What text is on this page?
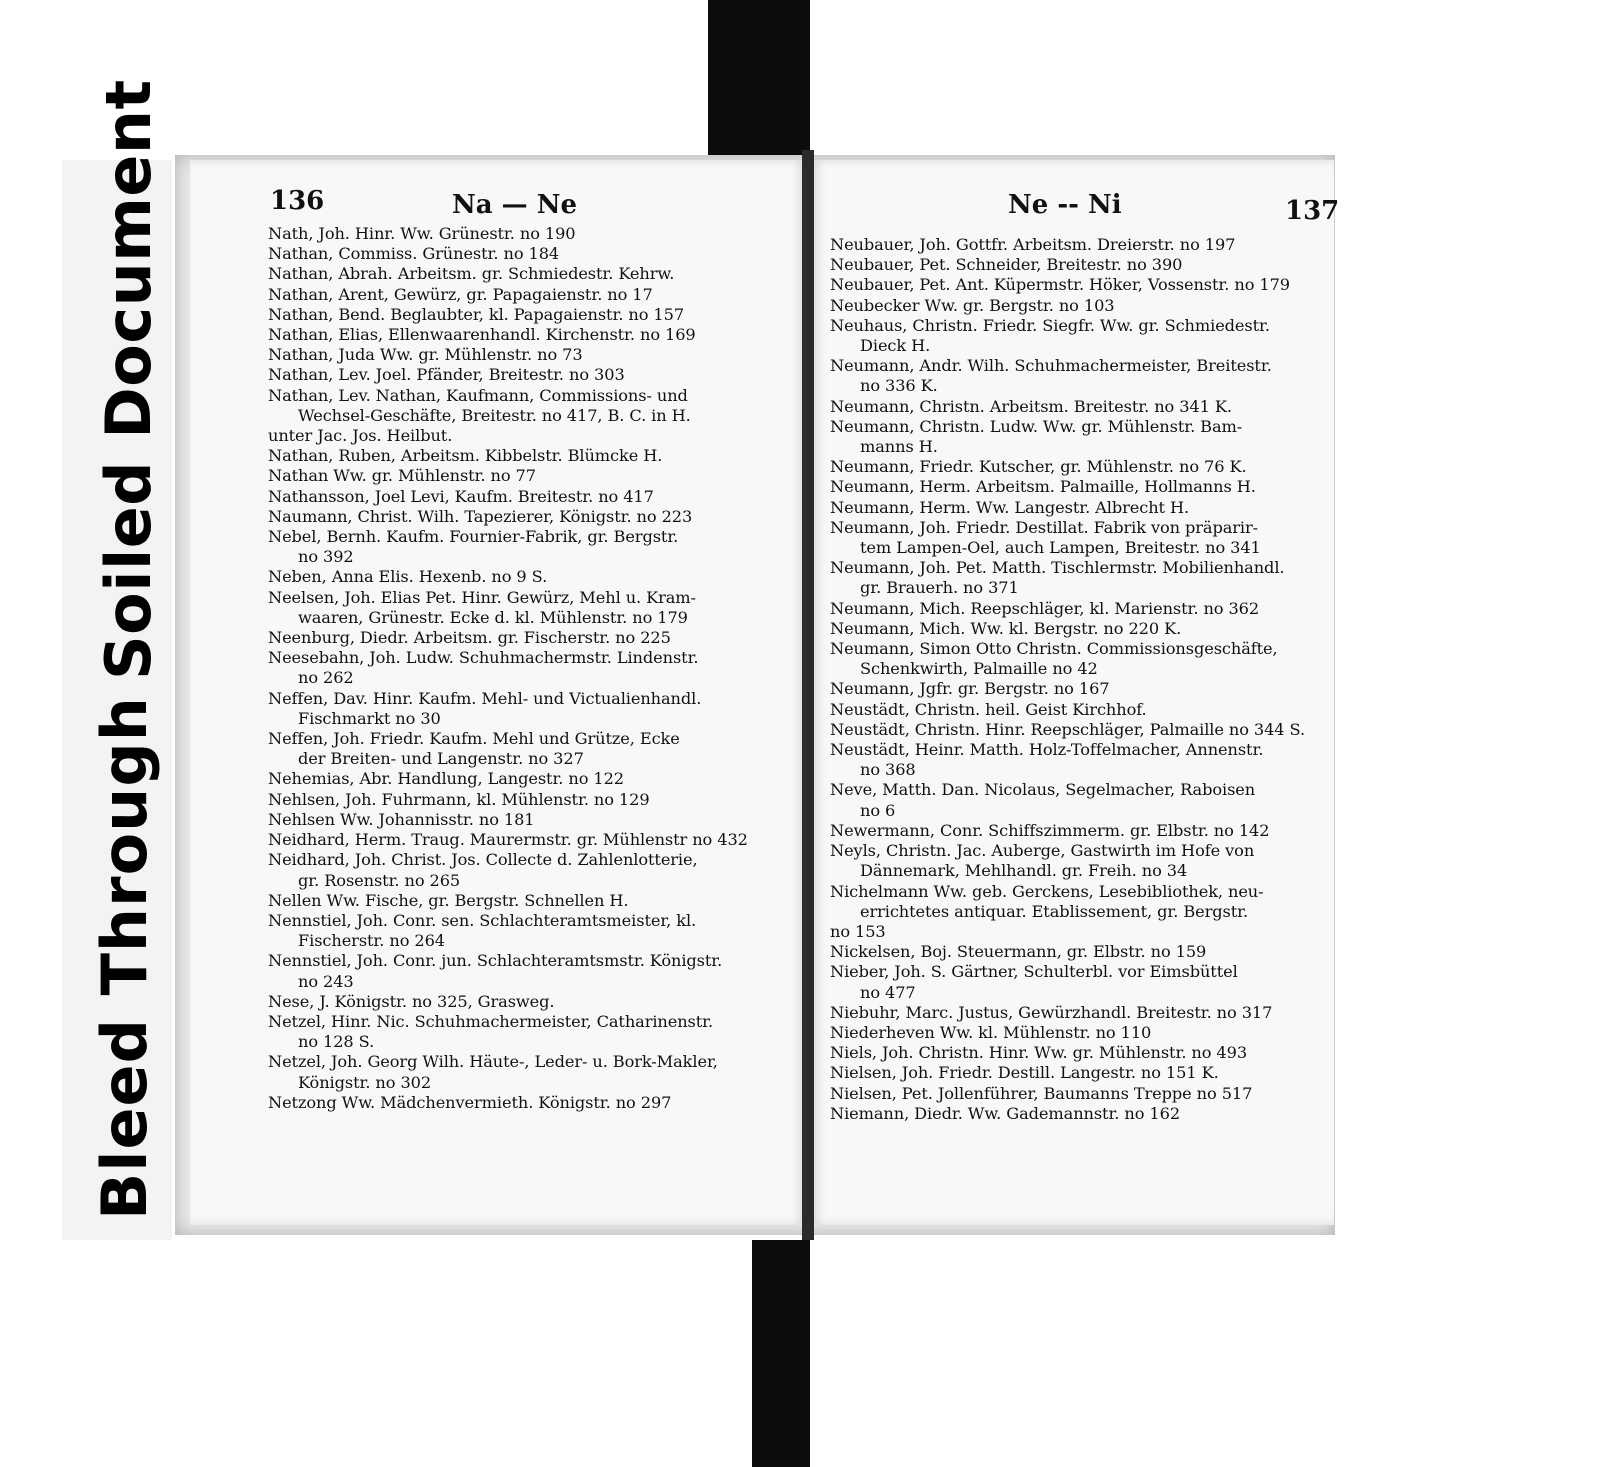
Bleed Through
Soiled Document	136	Na — Ne	Ne -- Ni	137
Nath, Joh. Hinr. Ww. Grünestr. no 190
Nathan, Commiss. Grünestr. no 184
Nathan, Abrah. Arbeitsm. gr. Schmiedestr. Kehrw.
Nathan, Arent, Gewürz, gr. Papagaienstr. no 17
Nathan, Bend. Beglaubter, kl. Papagaienstr. no 157
Nathan, Elias, Ellenwaarenhandl. Kirchenstr. no 169
Nathan, Juda Ww. gr. Mühlenstr. no 73
Nathan, Lev. Joel. Pfänder, Breitestr. no 303
Nathan, Lev. Nathan, Kaufmann, Commissions- und
Wechsel-Geschäfte, Breitestr. no 417, B. C. in H.
unter Jac. Jos. Heilbut.
Nathan, Ruben, Arbeitsm. Kibbelstr. Blümcke H.
Nathan Ww. gr. Mühlenstr. no 77
Nathansson, Joel Levi, Kaufm. Breitestr. no 417
Naumann, Christ. Wilh. Tapezierer, Königstr. no 223
Nebel, Bernh. Kaufm. Fournier-Fabrik, gr. Bergstr.
no 392
Neben, Anna Elis. Hexenb. no 9 S.
Neelsen, Joh. Elias Pet. Hinr. Gewürz, Mehl u. Kram-
waaren, Grünestr. Ecke d. kl. Mühlenstr. no 179
Neenburg, Diedr. Arbeitsm. gr. Fischerstr. no 225
Neesebahn, Joh. Ludw. Schuhmachermstr. Lindenstr.
no 262
Neffen, Dav. Hinr. Kaufm. Mehl- und Victualienhandl.
Fischmarkt no 30
Neffen, Joh. Friedr. Kaufm. Mehl und Grütze, Ecke
der Breiten- und Langenstr. no 327
Nehemias, Abr. Handlung, Langestr. no 122
Nehlsen, Joh. Fuhrmann, kl. Mühlenstr. no 129
Nehlsen Ww. Johannisstr. no 181
Neidhard, Herm. Traug. Maurermstr. gr. Mühlenstr no 432
Neidhard, Joh. Christ. Jos. Collecte d. Zahlenlotterie,
gr. Rosenstr. no 265
Nellen Ww. Fische, gr. Bergstr. Schnellen H.
Nennstiel, Joh. Conr. sen. Schlachteramtsmeister, kl.
Fischerstr. no 264
Nennstiel, Joh. Conr. jun. Schlachteramtsmstr. Königstr.
no 243
Nese, J. Königstr. no 325, Grasweg.
Netzel, Hinr. Nic. Schuhmachermeister, Catharinenstr.
no 128 S.
Netzel, Joh. Georg Wilh. Häute-, Leder- u. Bork-Makler,
Königstr. no 302
Netzong Ww. Mädchenvermieth. Königstr. no 297
Neubauer, Joh. Gottfr. Arbeitsm. Dreierstr. no 197
Neubauer, Pet. Schneider, Breitestr. no 390
Neubauer, Pet. Ant. Küpermstr. Höker, Vossenstr. no 179
Neubecker Ww. gr. Bergstr. no 103
Neuhaus, Christn. Friedr. Siegfr. Ww. gr. Schmiedestr.
Dieck H.
Neumann, Andr. Wilh. Schuhmachermeister, Breitestr.
no 336 K.
Neumann, Christn. Arbeitsm. Breitestr. no 341 K.
Neumann, Christn. Ludw. Ww. gr. Mühlenstr. Bam-
manns H.
Neumann, Friedr. Kutscher, gr. Mühlenstr. no 76 K.
Neumann, Herm. Arbeitsm. Palmaille, Hollmanns H.
Neumann, Herm. Ww. Langestr. Albrecht H.
Neumann, Joh. Friedr. Destillat. Fabrik von präparir-
tem Lampen-Oel, auch Lampen, Breitestr. no 341
Neumann, Joh. Pet. Matth. Tischlermstr. Mobilienhandl.
gr. Brauerh. no 371
Neumann, Mich. Reepschläger, kl. Marienstr. no 362
Neumann, Mich. Ww. kl. Bergstr. no 220 K.
Neumann, Simon Otto Christn. Commissionsgeschäfte,
Schenkwirth, Palmaille no 42
Neumann, Jgfr. gr. Bergstr. no 167
Neustädt, Christn. heil. Geist Kirchhof.
Neustädt, Christn. Hinr. Reepschläger, Palmaille no 344 S.
Neustädt, Heinr. Matth. Holz-Toffelmacher, Annenstr.
no 368
Neve, Matth. Dan. Nicolaus, Segelmacher, Raboisen
no 6
Newermann, Conr. Schiffszimmerm. gr. Elbstr. no 142
Neyls, Christn. Jac. Auberge, Gastwirth im Hofe von
Dännemark, Mehlhandl. gr. Freih. no 34
Nichelmann Ww. geb. Gerckens, Lesebibliothek, neu-
errichtetes antiquar. Etablissement, gr. Bergstr.
no 153
Nickelsen, Boj. Steuermann, gr. Elbstr. no 159
Nieber, Joh. S. Gärtner, Schulterbl. vor Eimsbüttel
no 477
Niebuhr, Marc. Justus, Gewürzhandl. Breitestr. no 317
Niederheven Ww. kl. Mühlenstr. no 110
Niels, Joh. Christn. Hinr. Ww. gr. Mühlenstr. no 493
Nielsen, Joh. Friedr. Destill. Langestr. no 151 K.
Nielsen, Pet. Jollenführer, Baumanns Treppe no 517
Niemann, Diedr. Ww. Gademannstr. no 162
